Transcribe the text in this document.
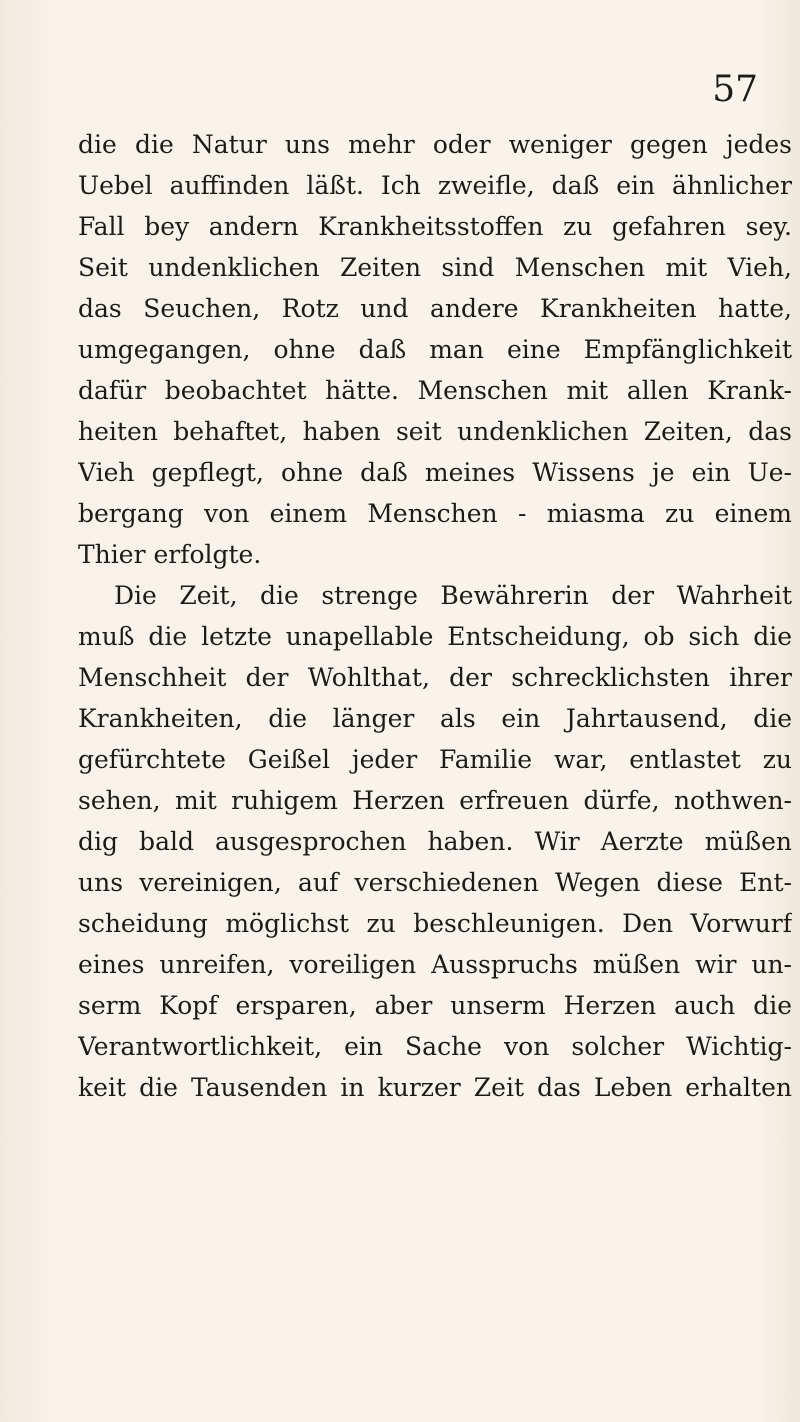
57
die die Natur uns mehr oder weniger gegen jedes
Uebel auffinden läßt. Ich zweifle, daß ein ähnlicher
Fall bey andern Krankheitsstoffen zu gefahren sey.
Seit undenklichen Zeiten sind Menschen mit Vieh,
das Seuchen, Rotz und andere Krankheiten hatte,
umgegangen, ohne daß man eine Empfänglichkeit
dafür beobachtet hätte. Menschen mit allen Krank-
heiten behaftet, haben seit undenklichen Zeiten, das
Vieh gepflegt, ohne daß meines Wissens je ein Ue-
bergang von einem Menschen - miasma zu einem
Thier erfolgte.
Die Zeit, die strenge Bewährerin der Wahrheit
muß die letzte unapellable Entscheidung, ob sich die
Menschheit der Wohlthat, der schrecklichsten ihrer
Krankheiten, die länger als ein Jahrtausend, die
gefürchtete Geißel jeder Familie war, entlastet zu
sehen, mit ruhigem Herzen erfreuen dürfe, nothwen-
dig bald ausgesprochen haben. Wir Aerzte müßen
uns vereinigen, auf verschiedenen Wegen diese Ent-
scheidung möglichst zu beschleunigen. Den Vorwurf
eines unreifen, voreiligen Ausspruchs müßen wir un-
serm Kopf ersparen, aber unserm Herzen auch die
Verantwortlichkeit, ein Sache von solcher Wichtig-
keit die Tausenden in kurzer Zeit das Leben erhalten
